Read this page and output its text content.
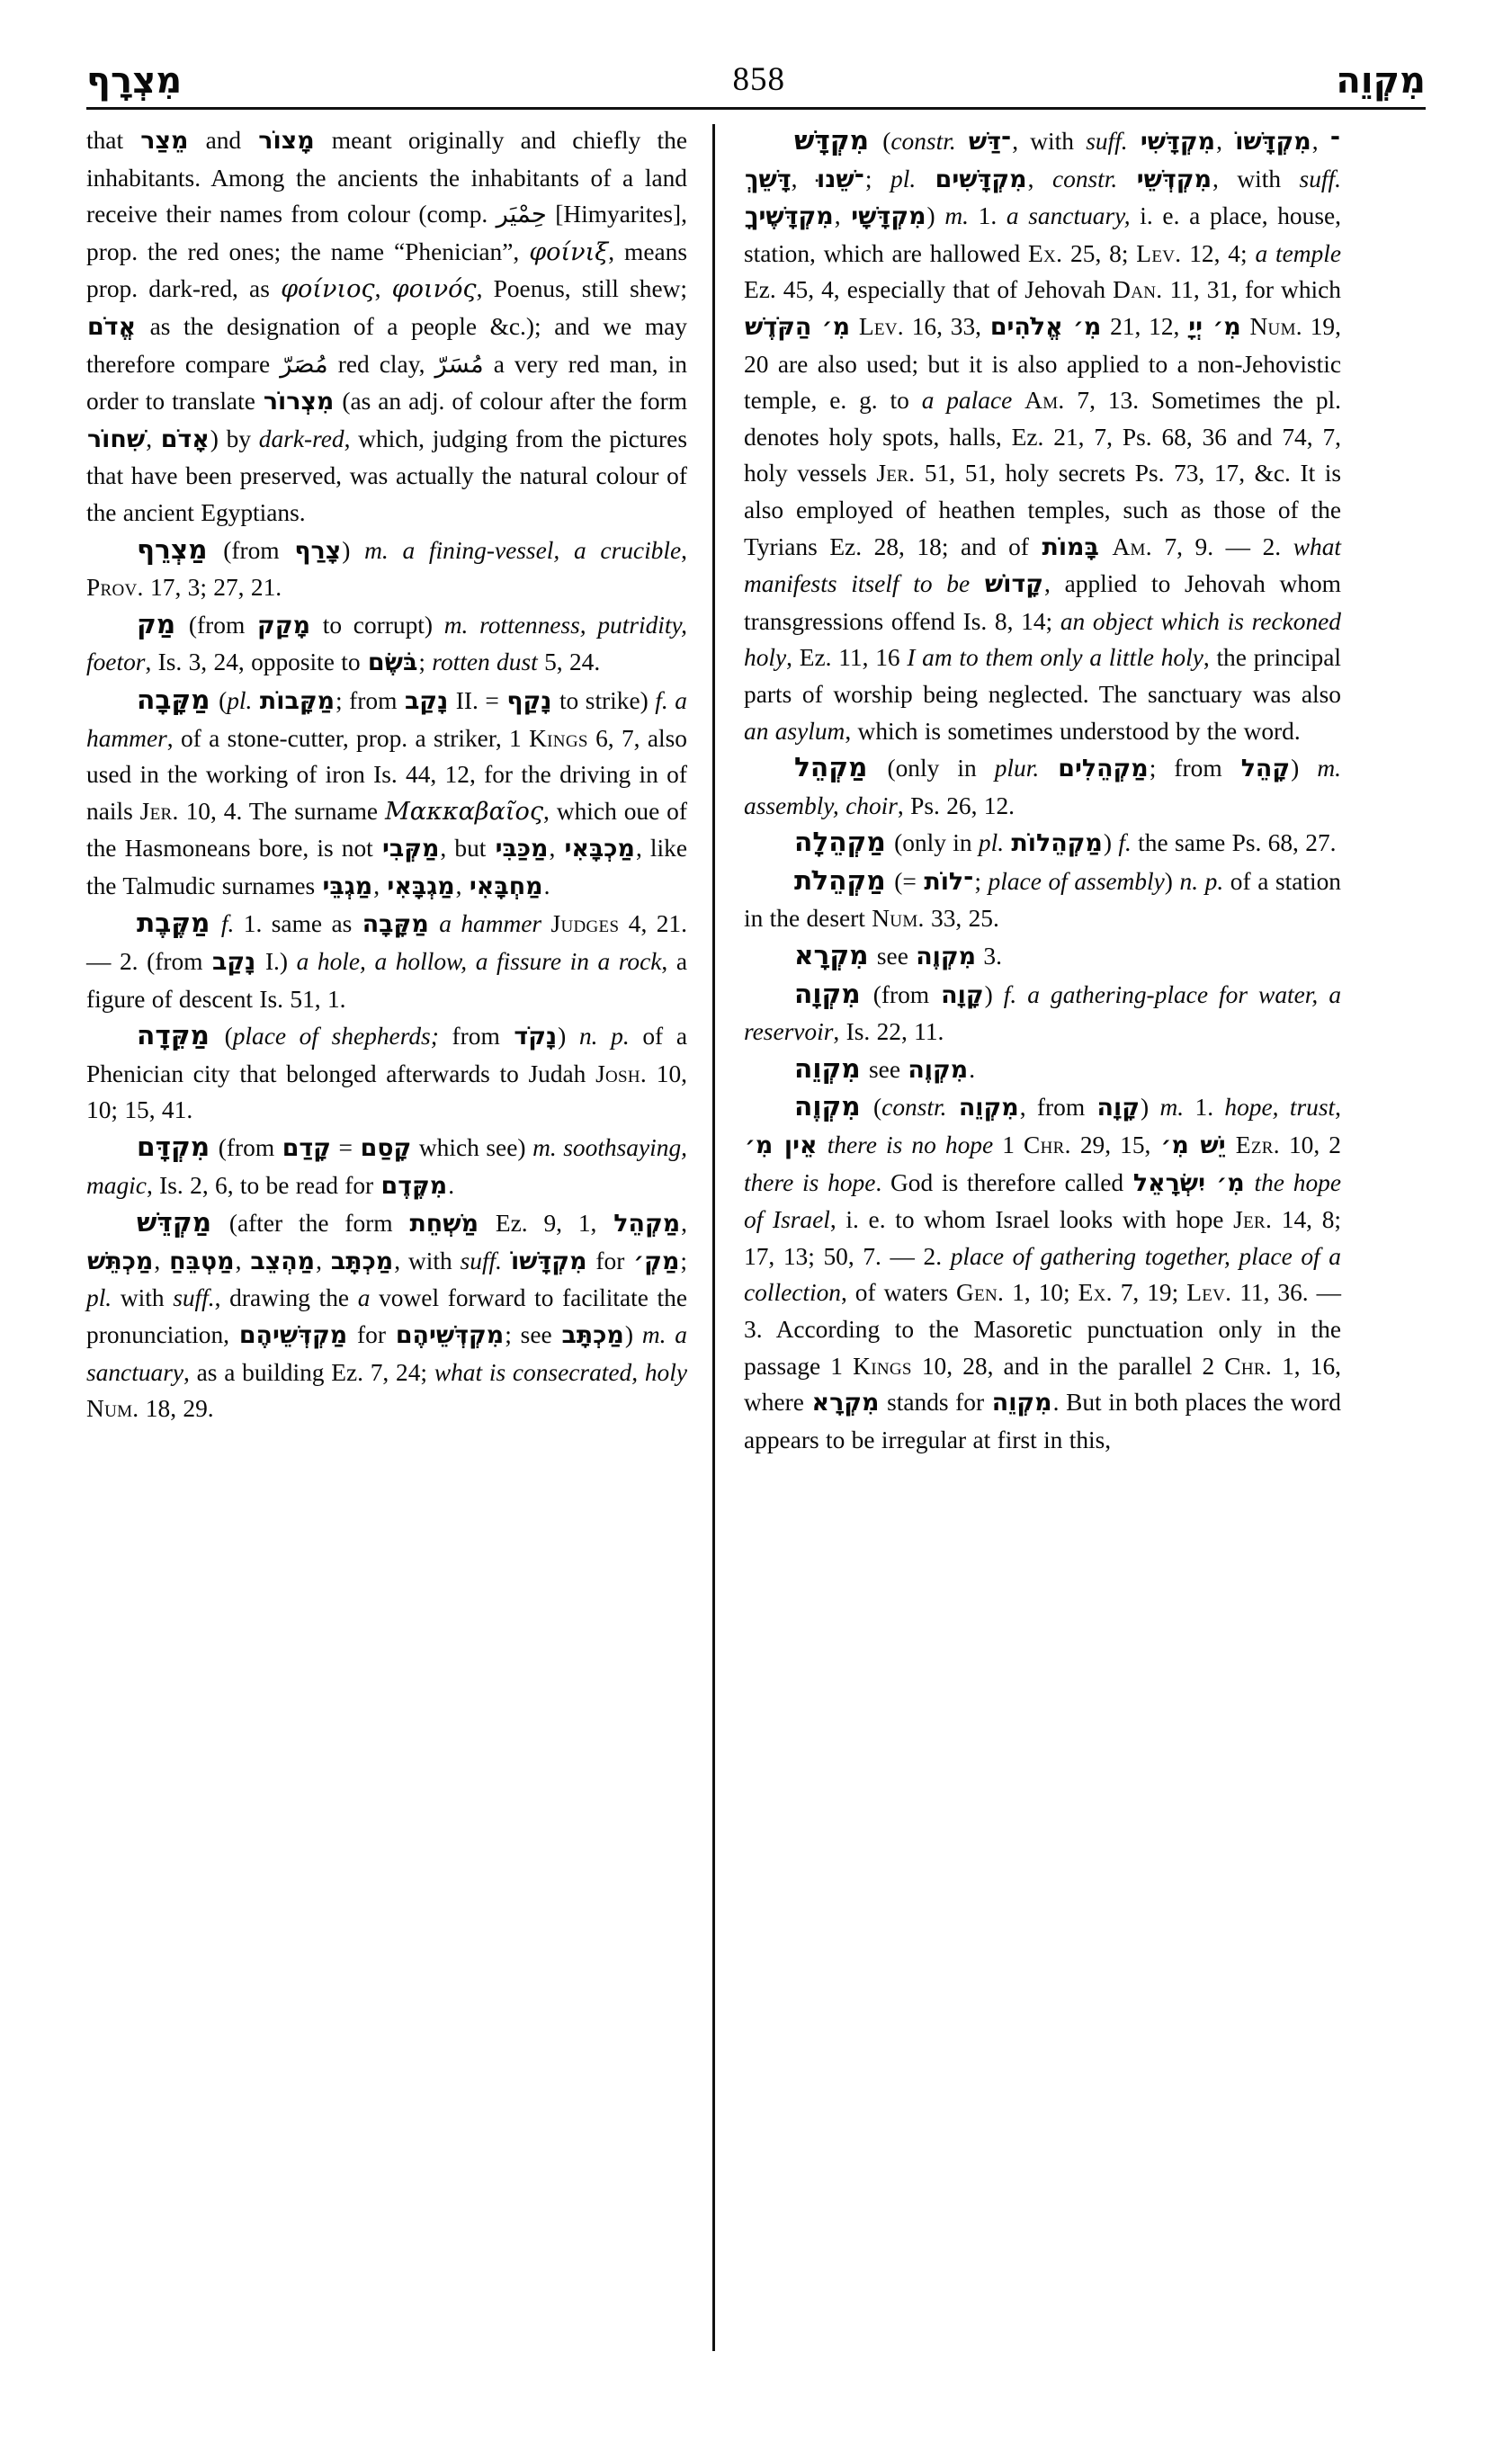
מִצְרָף	858	מִקְוֵה

that מֵצַר and מָצוֹר meant originally and chiefly the inhabitants. Among the ancients the inhabitants of a land receive their names from colour (comp. حِمْيَر [Himyarites], prop. the red ones; the name “Phenician”, φοίνιξ, means prop. dark-red, as φοίνιος, φοινός, Poenus, still shew; אֱדֹם as the designation of a people &c.); and we may therefore compare مُصَرّ red clay, مُسَرّ a very red man, in order to translate מִצְרוֹר (as an adj. of colour after the form שִׁחוֹר, אָדֹם) by dark-red, which, judging from the pictures that have been preserved, was actually the natural colour of the ancient Egyptians.

מַצְרֵף (from צָרַף) m. a fining-vessel, a crucible, Prov. 17, 3; 27, 21.

מַק (from מָקַק to corrupt) m. rottenness, putridity, foetor, Is. 3, 24, opposite to בֹּשֶׂם; rotten dust 5, 24.

מַקָּבָה (pl. מַקָּבוֹת; from נָקַב II. = נָקַף to strike) f. a hammer, of a stone-cutter, prop. a striker, 1 Kings 6, 7, also used in the working of iron Is. 44, 12, for the driving in of nails Jer. 10, 4. The surname Μακκαβαῖος, which oue of the Hasmoneans bore, is not מַקְּבִי, but מַכַּבִּי, מַכְבָּאִי, like the Talmudic surnames מַגְבֵּי, מַגְבָּאִי, מַחְבָּאִי.

מַקֶּבֶת f. 1. same as מַקָּבָה a hammer Judges 4, 21. — 2. (from נָקַב I.) a hole, a hollow, a fissure in a rock, a figure of descent Is. 51, 1.

מַקֵּדָה (place of shepherds; from נָקֹד) n. p. of a Phenician city that belonged afterwards to Judah Josh. 10, 10; 15, 41.

מִקְדָּם (from קָדַם = קָסַם which see) m. soothsaying, magic, Is. 2, 6, to be read for מִקֶּדֶם.

מַקְדֵּשׁ (after the form מַשְׁחֵת Ez. 9, 1, מַקְהֵל, מַכְתֵּשׁ, מַטְבֵּחַ, מַהְצֵב, מַכְתָּב, with suff. מִקְדָּשׁוֹ for מַקְ׳; pl. with suff., drawing the a vowel forward to facilitate the pronunciation, מַקְדְּשֵׁיהֶם for מִקְדְּשֵׁיהֶם; see מַכְתָּב) m. a sanctuary, as a building Ez. 7, 24; what is consecrated, holy Num. 18, 29.

מִקְדָּשׁ (constr. ־דַּשׁ, with suff. מִקְדָּשִׁי, מִקְדָּשׁוֹ, ־דָּשֵׁךְ, ־שֵׁנוּ; pl. מִקְדָּשִׁים, constr. מִקְדְּשֵׁי, with suff. מִקְדָּשֶׁיךָ, מִקְדָּשָׁי) m. 1. a sanctuary, i. e. a place, house, station, which are hallowed Ex. 25, 8; Lev. 12, 4; a temple Ez. 45, 4, especially that of Jehovah Dan. 11, 31, for which מִ׳ הַקֹּדֶשׁ Lev. 16, 33, מִ׳ אֱלֹהִים 21, 12, מִ׳ יְיָ Num. 19, 20 are also used; but it is also applied to a non-Jehovistic temple, e. g. to a palace Am. 7, 13. Sometimes the pl. denotes holy spots, halls, Ez. 21, 7, Ps. 68, 36 and 74, 7, holy vessels Jer. 51, 51, holy secrets Ps. 73, 17, &c. It is also employed of heathen temples, such as those of the Tyrians Ez. 28, 18; and of בָּמוֹת Am. 7, 9. — 2. what manifests itself to be קָדוֹשׁ, applied to Jehovah whom transgressions offend Is. 8, 14; an object which is reckoned holy, Ez. 11, 16 I am to them only a little holy, the principal parts of worship being neglected. The sanctuary was also an asylum, which is sometimes understood by the word.

מַקְהֵל (only in plur. מַקְהֵלִים; from קָהֵל) m. assembly, choir, Ps. 26, 12.

מַקְהֵלָה (only in pl. מַקְהֵלוֹת) f. the same Ps. 68, 27.

מַקְהֵלֹת (= ־לוֹת; place of assembly) n. p. of a station in the desert Num. 33, 25.

מִקְרָא see מִקְוֶה 3.

מִקְוָה (from קָוָה) f. a gathering-place for water, a reservoir, Is. 22, 11.

מִקְוֵה see מִקְוֶה.

מִקְוֶה (constr. מִקְוֵה, from קָוָה) m. 1. hope, trust, אֵין מִ׳ there is no hope 1 Chr. 29, 15, יֵשׁ מִ׳ Ezr. 10, 2 there is hope. God is therefore called מִ׳ יִשְׂרָאֵל the hope of Israel, i. e. to whom Israel looks with hope Jer. 14, 8; 17, 13; 50, 7. — 2. place of gathering together, place of a collection, of waters Gen. 1, 10; Ex. 7, 19; Lev. 11, 36. — 3. According to the Masoretic punctuation only in the passage 1 Kings 10, 28, and in the parallel 2 Chr. 1, 16, where מִקְרָא stands for מִקְוֵה. But in both places the word appears to be irregular at first in this,
